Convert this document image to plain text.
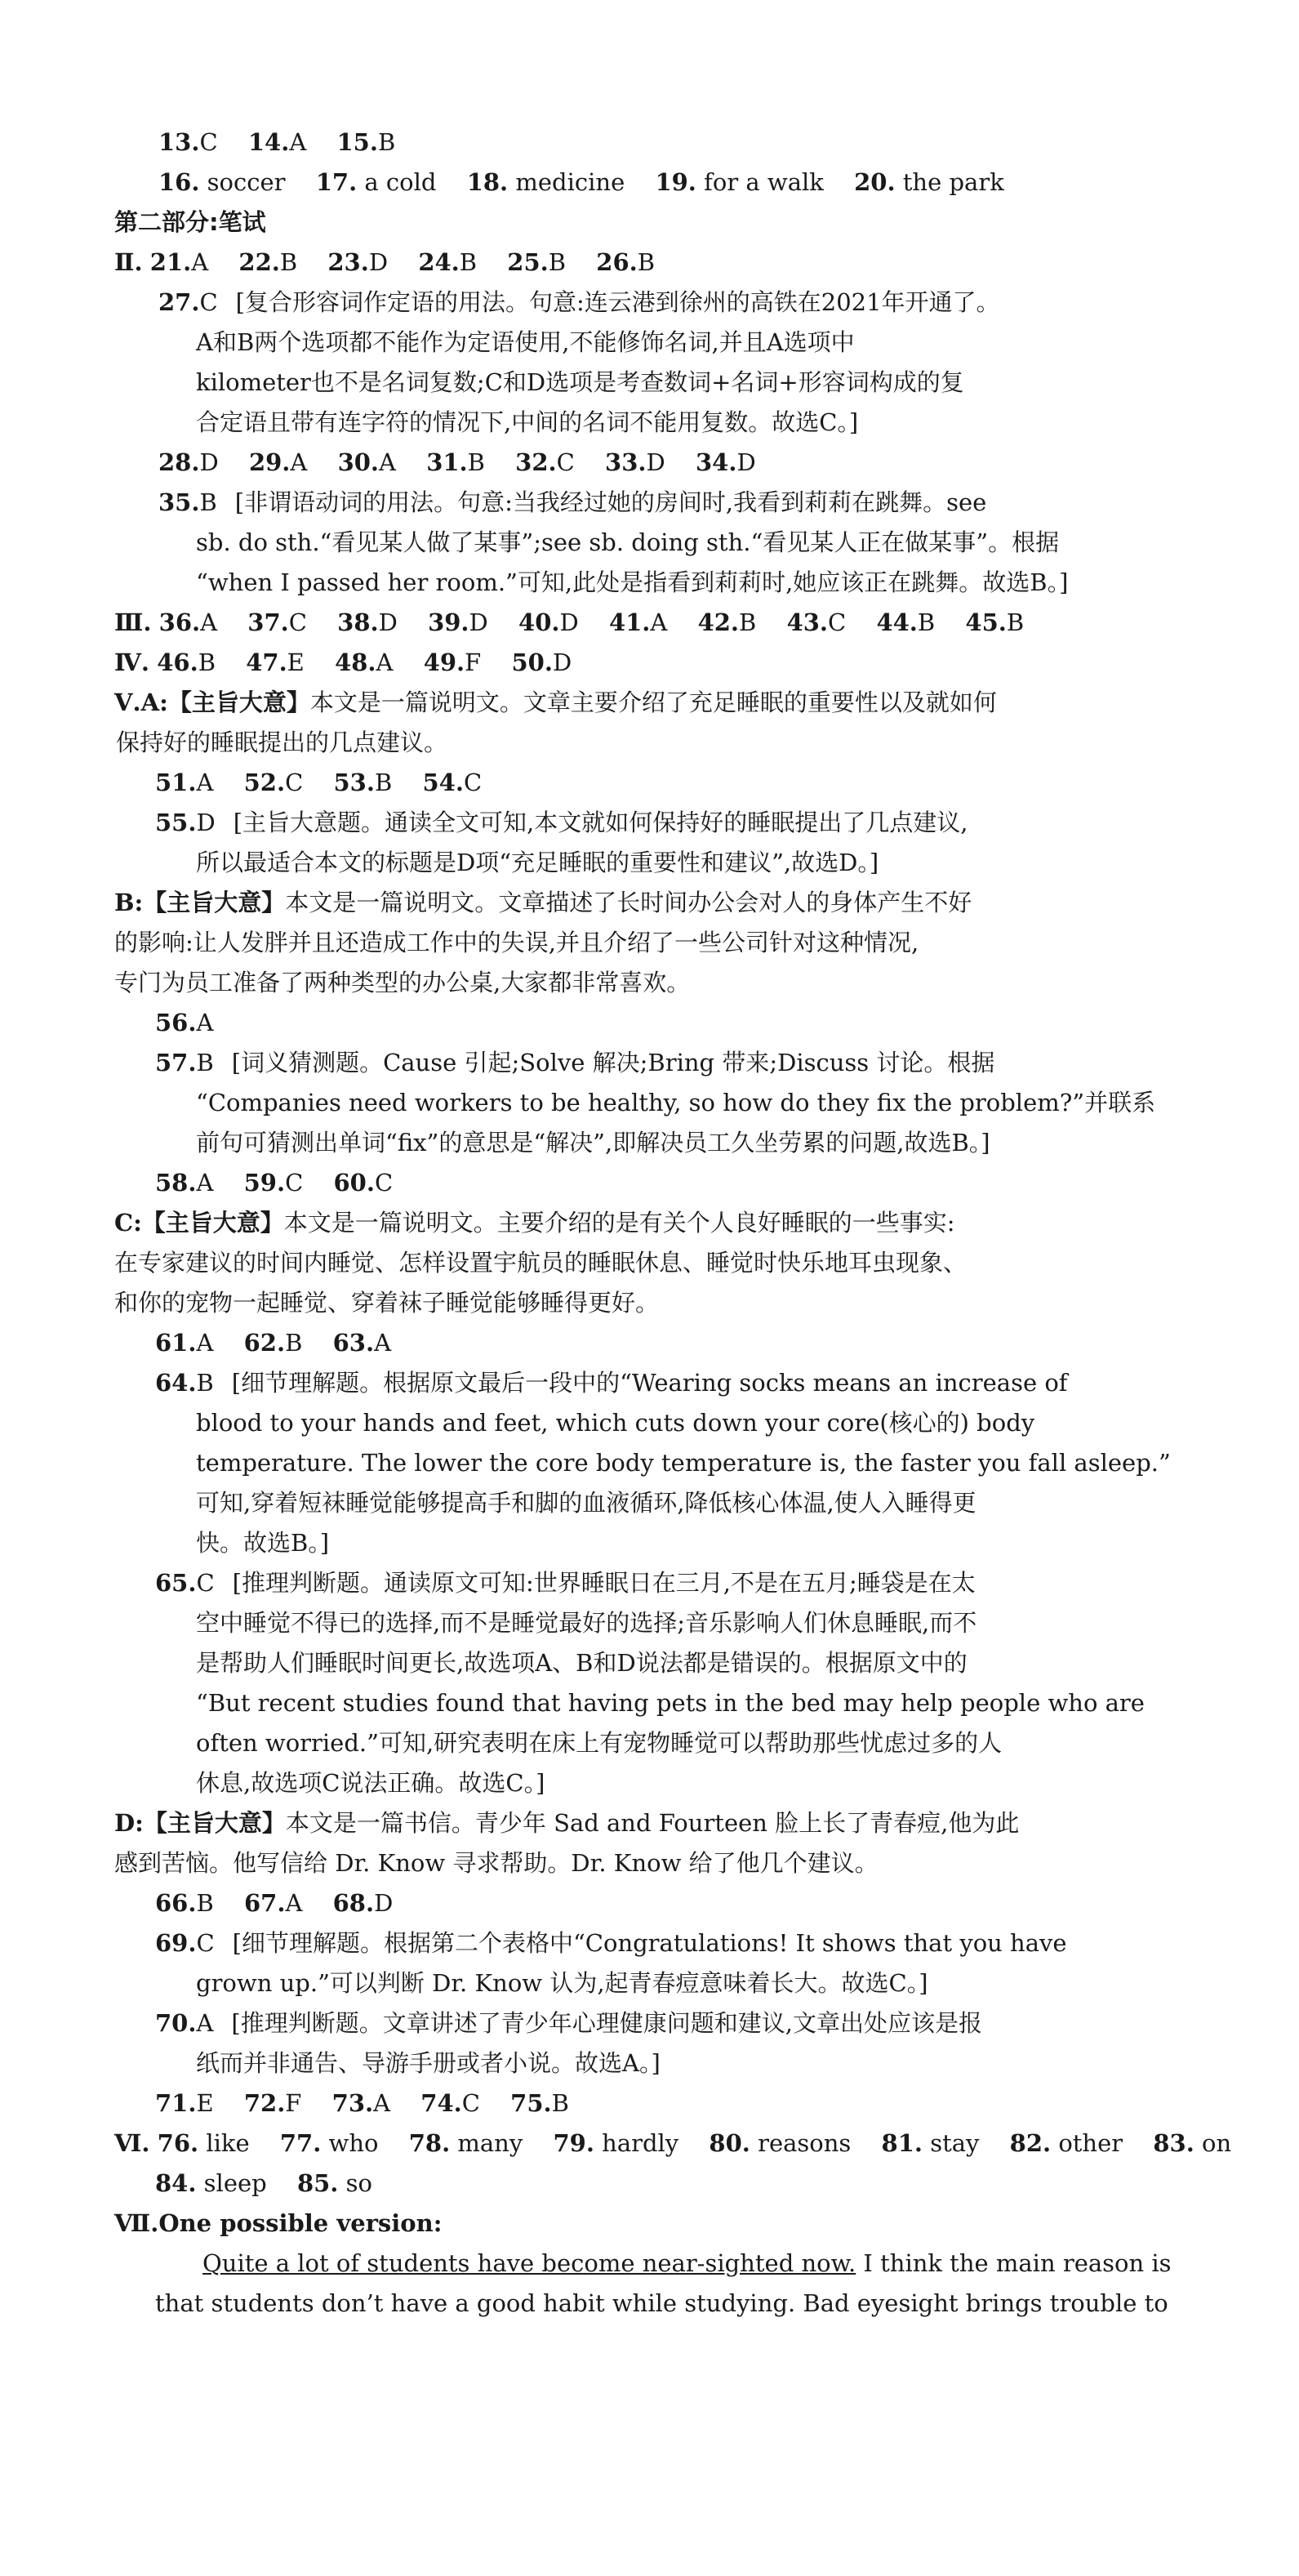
13.C 14.A 15.B
16. soccer 17. a cold 18. medicine 19. for a walk 20. the park
第二部分:笔试
Ⅱ. 21.A 22.B 23.D 24.B 25.B 26.B
27.C [复合形容词作定语的用法。句意:连云港到徐州的高铁在2021年开通了。
A和B两个选项都不能作为定语使用,不能修饰名词,并且A选项中
kilometer也不是名词复数;C和D选项是考查数词+名词+形容词构成的复
合定语且带有连字符的情况下,中间的名词不能用复数。故选C。]
28.D 29.A 30.A 31.B 32.C 33.D 34.D
35.B [非谓语动词的用法。句意:当我经过她的房间时,我看到莉莉在跳舞。see
sb. do sth.“看见某人做了某事”;see sb. doing sth.“看见某人正在做某事”。根据
“when I passed her room.”可知,此处是指看到莉莉时,她应该正在跳舞。故选B。]
Ⅲ. 36.A 37.C 38.D 39.D 40.D 41.A 42.B 43.C 44.B 45.B
Ⅳ. 46.B 47.E 48.A 49.F 50.D
Ⅴ.A:【主旨大意】本文是一篇说明文。文章主要介绍了充足睡眠的重要性以及就如何
保持好的睡眠提出的几点建议。
51.A 52.C 53.B 54.C
55.D [主旨大意题。通读全文可知,本文就如何保持好的睡眠提出了几点建议,
所以最适合本文的标题是D项“充足睡眠的重要性和建议”,故选D。]
B:【主旨大意】本文是一篇说明文。文章描述了长时间办公会对人的身体产生不好
的影响:让人发胖并且还造成工作中的失误,并且介绍了一些公司针对这种情况,
专门为员工准备了两种类型的办公桌,大家都非常喜欢。
56.A
57.B [词义猜测题。Cause 引起;Solve 解决;Bring 带来;Discuss 讨论。根据
“Companies need workers to be healthy, so how do they fix the problem?”并联系
前句可猜测出单词“fix”的意思是“解决”,即解决员工久坐劳累的问题,故选B。]
58.A 59.C 60.C
C:【主旨大意】本文是一篇说明文。主要介绍的是有关个人良好睡眠的一些事实:
在专家建议的时间内睡觉、怎样设置宇航员的睡眠休息、睡觉时快乐地耳虫现象、
和你的宠物一起睡觉、穿着袜子睡觉能够睡得更好。
61.A 62.B 63.A
64.B [细节理解题。根据原文最后一段中的“Wearing socks means an increase of
blood to your hands and feet, which cuts down your core(核心的) body
temperature. The lower the core body temperature is, the faster you fall asleep.”
可知,穿着短袜睡觉能够提高手和脚的血液循环,降低核心体温,使人入睡得更
快。故选B。]
65.C [推理判断题。通读原文可知:世界睡眠日在三月,不是在五月;睡袋是在太
空中睡觉不得已的选择,而不是睡觉最好的选择;音乐影响人们休息睡眠,而不
是帮助人们睡眠时间更长,故选项A、B和D说法都是错误的。根据原文中的
“But recent studies found that having pets in the bed may help people who are
often worried.”可知,研究表明在床上有宠物睡觉可以帮助那些忧虑过多的人
休息,故选项C说法正确。故选C。]
D:【主旨大意】本文是一篇书信。青少年 Sad and Fourteen 脸上长了青春痘,他为此
感到苦恼。他写信给 Dr. Know 寻求帮助。Dr. Know 给了他几个建议。
66.B 67.A 68.D
69.C [细节理解题。根据第二个表格中“Congratulations! It shows that you have
grown up.”可以判断 Dr. Know 认为,起青春痘意味着长大。故选C。]
70.A [推理判断题。文章讲述了青少年心理健康问题和建议,文章出处应该是报
纸而并非通告、导游手册或者小说。故选A。]
71.E 72.F 73.A 74.C 75.B
Ⅵ. 76. like 77. who 78. many 79. hardly 80. reasons 81. stay 82. other 83. on
84. sleep 85. so
Ⅶ.One possible version:
Quite a lot of students have become near-sighted now. I think the main reason is
that students don’t have a good habit while studying. Bad eyesight brings trouble to
